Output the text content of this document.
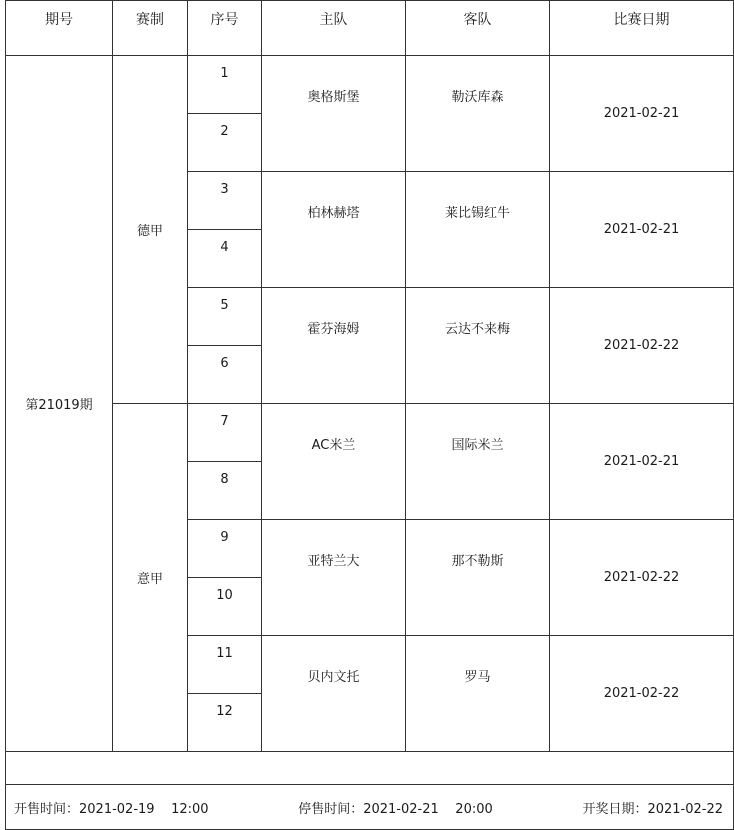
期号	赛制	序号	主队	客队	比赛日期
第21019期	德甲	1	奥格斯堡	勒沃库森	2021-02-21
		2			
		3	柏林赫塔	莱比锡红牛	2021-02-21
		4			
		5	霍芬海姆	云达不来梅	2021-02-22
		6			
	意甲	7	AC米兰	国际米兰	2021-02-21
		8			
		9	亚特兰大	那不勒斯	2021-02-22
		10			
		11	贝内文托	罗马	2021-02-22
		12			

开售时间：2021-02-19    12:00 停售时间：2021-02-21    20:00 开奖日期：2021-02-22					
